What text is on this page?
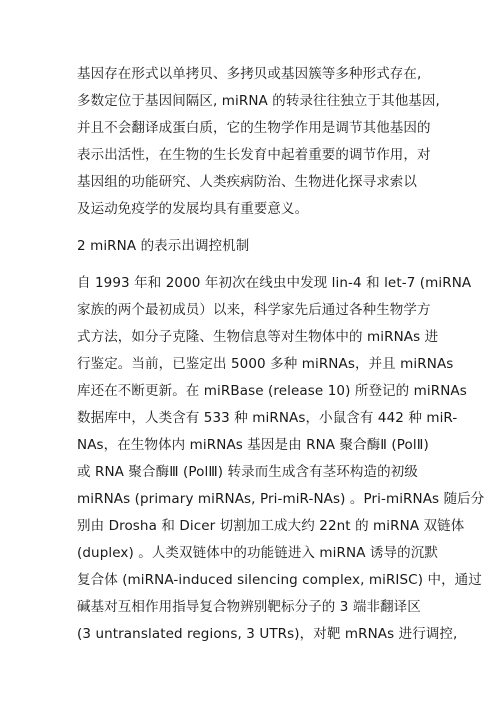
基因存在形式以单拷贝、多拷贝或基因簇等多种形式存在,
多数定位于基因间隔区, miRNA 的转录往往独立于其他基因,
并且不会翻译成蛋白质，它的生物学作用是调节其他基因的
表示出活性，在生物的生长发育中起着重要的调节作用，对
基因组的功能研究、人类疾病防治、生物进化探寻求索以
及运动免疫学的发展均具有重要意义。
2 miRNA 的表示出调控机制
自 1993 年和 2000 年初次在线虫中发现 lin-4 和 let-7 (miRNA
家族的两个最初成员）以来，科学家先后通过各种生物学方
式方法，如分子克隆、生物信息等对生物体中的 miRNAs 进
行鉴定。当前，已鉴定出 5000 多种 miRNAs，并且 miRNAs
库还在不断更新。在 miRBase (release 10) 所登记的 miRNAs
数据库中，人类含有 533 种 miRNAs，小鼠含有 442 种 miR-
NAs，在生物体内 miRNAs 基因是由 RNA 聚合酶Ⅱ (PolⅡ)
或 RNA 聚合酶Ⅲ (PolⅢ) 转录而生成含有茎环构造的初级
miRNAs (primary miRNAs, Pri-miR-NAs) 。Pri-miRNAs 随后分
别由 Drosha 和 Dicer 切割加工成大约 22nt 的 miRNA 双链体
(duplex) 。人类双链体中的功能链进入 miRNA 诱导的沉默
复合体 (miRNA-induced silencing complex, miRISC) 中，通过
碱基对互相作用指导复合物辨别靶标分子的 3 端非翻译区
(3 untranslated regions, 3 UTRs)，对靶 mRNAs 进行调控,
